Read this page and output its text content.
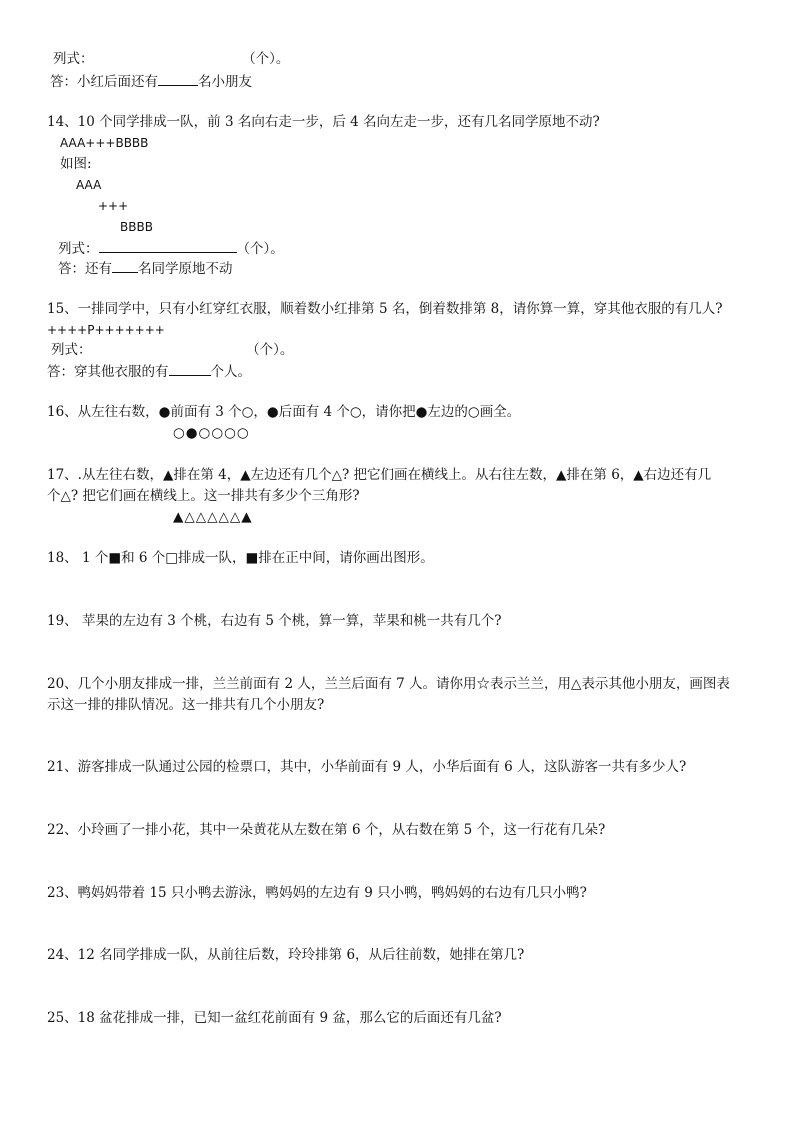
列式：	（个）。
答：小红后面还有	名小朋友
14、10 个同学排成一队，前 3 名向右走一步，后 4 名向左走一步，还有几名同学原地不动?
AAA+++BBBB
如图:
AAA
+++
BBBB
列式：	（个）。
答：还有 名同学原地不动
15、一排同学中，只有小红穿红衣服，顺着数小红排第 5 名，倒着数排第 8，请你算一算，穿其他衣服的有几人?
++++P+++++++
列式：	（个）。
答：穿其他衣服的有	个人。
16、从左往右数，●前面有 3 个○，●后面有 4 个○，请你把●左边的○画全。
○●○○○○
17、.从左往右数，▲排在第 4，▲左边还有几个△? 把它们画在横线上。从右往左数，▲排在第 6，▲右边还有几
个△? 把它们画在横线上。这一排共有多少个三角形?
▲△△△△△▲
18、 1 个■和 6 个□排成一队，■排在正中间，请你画出图形。
19、 苹果的左边有 3 个桃，右边有 5 个桃，算一算，苹果和桃一共有几个?
20、几个小朋友排成一排，兰兰前面有 2 人，兰兰后面有 7 人。请你用☆表示兰兰，用△表示其他小朋友，画图表
示这一排的排队情况。这一排共有几个小朋友?
21、游客排成一队通过公园的检票口，其中，小华前面有 9 人，小华后面有 6 人，这队游客一共有多少人?
22、小玲画了一排小花，其中一朵黄花从左数在第 6 个，从右数在第 5 个，这一行花有几朵?
23、鸭妈妈带着 15 只小鸭去游泳，鸭妈妈的左边有 9 只小鸭，鸭妈妈的右边有几只小鸭?
24、12 名同学排成一队，从前往后数，玲玲排第 6，从后往前数，她排在第几?
25、18 盆花排成一排，已知一盆红花前面有 9 盆，那么它的后面还有几盆?
